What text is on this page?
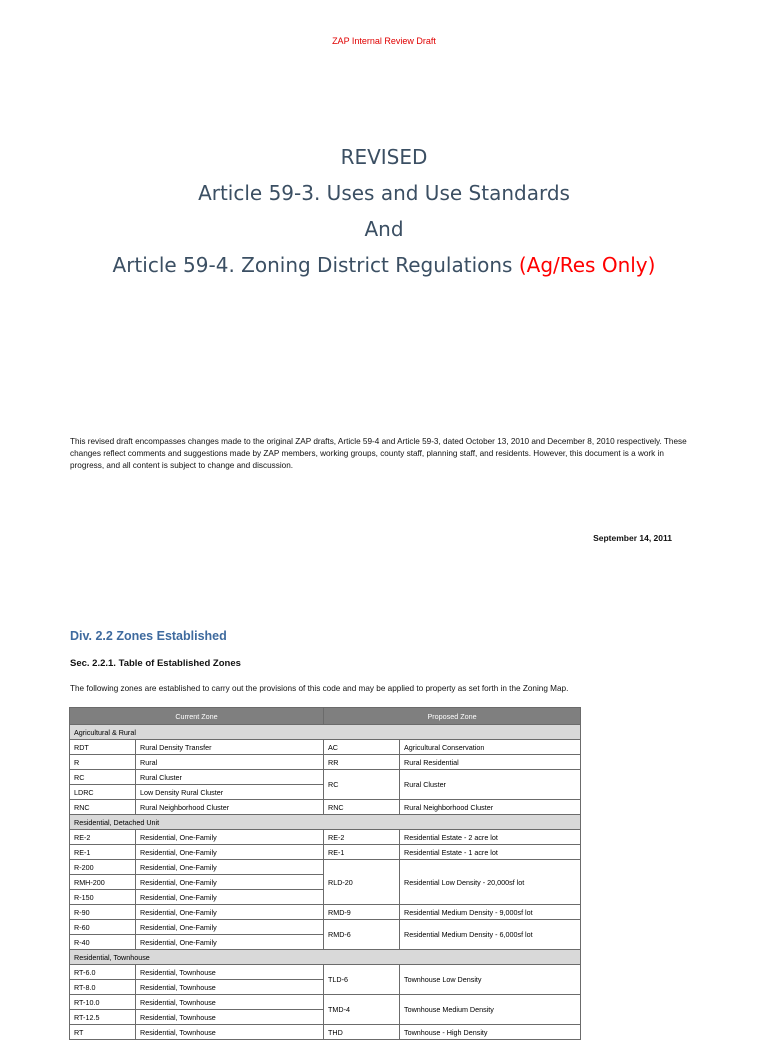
ZAP Internal Review Draft
REVISED
Article 59-3. Uses and Use Standards
And
Article 59-4. Zoning District Regulations (Ag/Res Only)
This revised draft encompasses changes made to the original ZAP drafts, Article 59-4 and Article 59-3, dated October 13, 2010 and December 8, 2010 respectively. These changes reflect comments and suggestions made by ZAP members, working groups, county staff, planning staff, and residents. However, this document is a work in progress, and all content is subject to change and discussion.
September 14, 2011
Div. 2.2 Zones Established
Sec. 2.2.1. Table of Established Zones
The following zones are established to carry out the provisions of this code and may be applied to property as set forth in the Zoning Map.
Current Zone		Proposed Zone	
Agricultural & Rural			
RDT	Rural Density Transfer	AC	Agricultural Conservation
R	Rural	RR	Rural Residential
RC	Rural Cluster	RC	Rural Cluster
LDRC	Low Density Rural Cluster		
RNC	Rural Neighborhood Cluster	RNC	Rural Neighborhood Cluster
Residential, Detached Unit			
RE-2	Residential, One-Family	RE-2	Residential Estate - 2 acre lot
RE-1	Residential, One-Family	RE-1	Residential Estate - 1 acre lot
R-200	Residential, One-Family	RLD-20	Residential Low Density - 20,000sf lot
RMH-200	Residential, One-Family		
R-150	Residential, One-Family		
R-90	Residential, One-Family	RMD-9	Residential Medium Density - 9,000sf lot
R-60	Residential, One-Family	RMD-6	Residential Medium Density - 6,000sf lot
R-40	Residential, One-Family		
Residential, Townhouse			
RT-6.0	Residential, Townhouse	TLD-6	Townhouse Low Density
RT-8.0	Residential, Townhouse		
RT-10.0	Residential, Townhouse	TMD-4	Townhouse Medium Density
RT-12.5	Residential, Townhouse		
RT	Residential, Townhouse	THD	Townhouse - High Density
